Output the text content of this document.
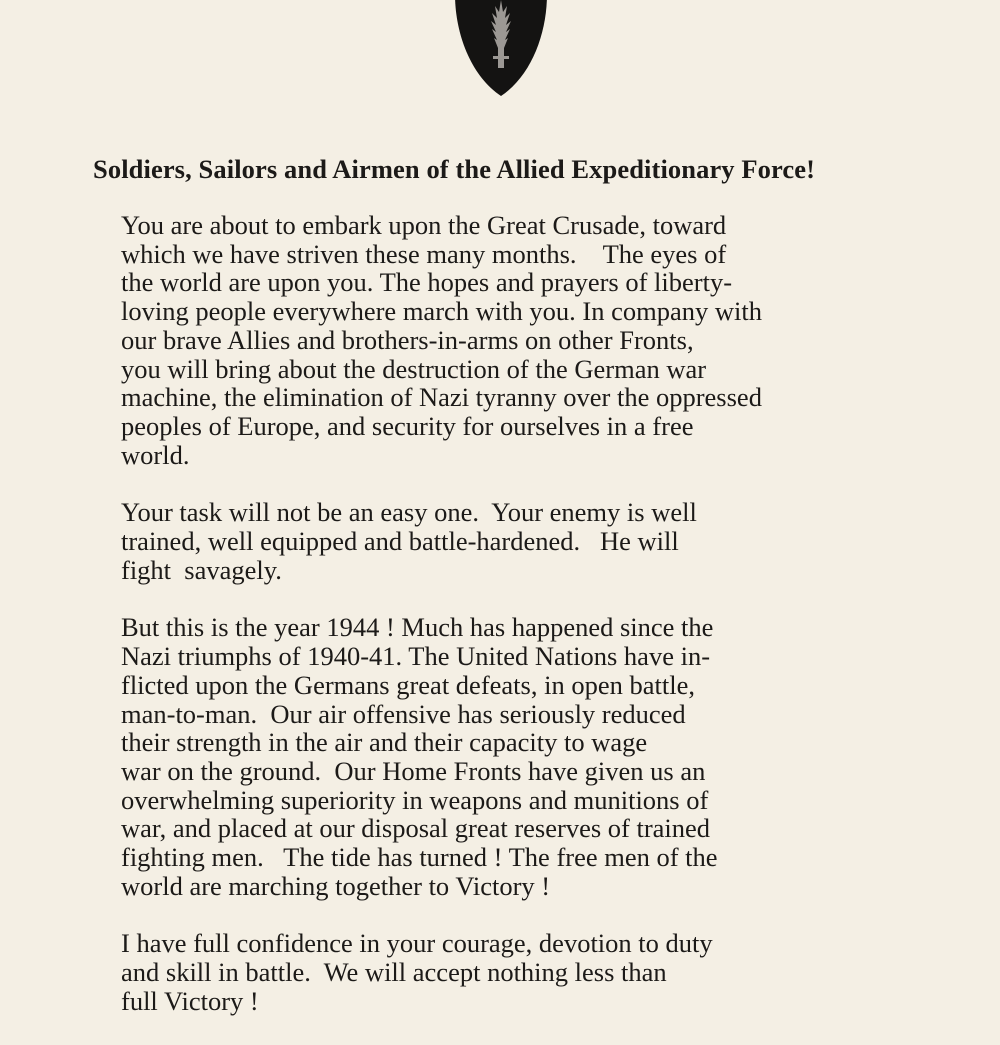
Soldiers, Sailors and Airmen of the Allied Expeditionary Force!
You are about to embark upon the Great Crusade, toward
which we have striven these many months.    The eyes of
the world are upon you. The hopes and prayers of liberty-
loving people everywhere march with you. In company with
our brave Allies and brothers-in-arms on other Fronts,
you will bring about the destruction of the German war
machine, the elimination of Nazi tyranny over the oppressed
peoples of Europe, and security for ourselves in a free
world.
Your task will not be an easy one.  Your enemy is well
trained, well equipped and battle-hardened.   He will
fight  savagely.
But this is the year 1944 ! Much has happened since the
Nazi triumphs of 1940-41. The United Nations have in-
flicted upon the Germans great defeats, in open battle,
man-to-man.  Our air offensive has seriously reduced
their strength in the air and their capacity to wage
war on the ground.  Our Home Fronts have given us an
overwhelming superiority in weapons and munitions of
war, and placed at our disposal great reserves of trained
fighting men.   The tide has turned ! The free men of the
world are marching together to Victory !
I have full confidence in your courage, devotion to duty
and skill in battle.  We will accept nothing less than
full Victory !
